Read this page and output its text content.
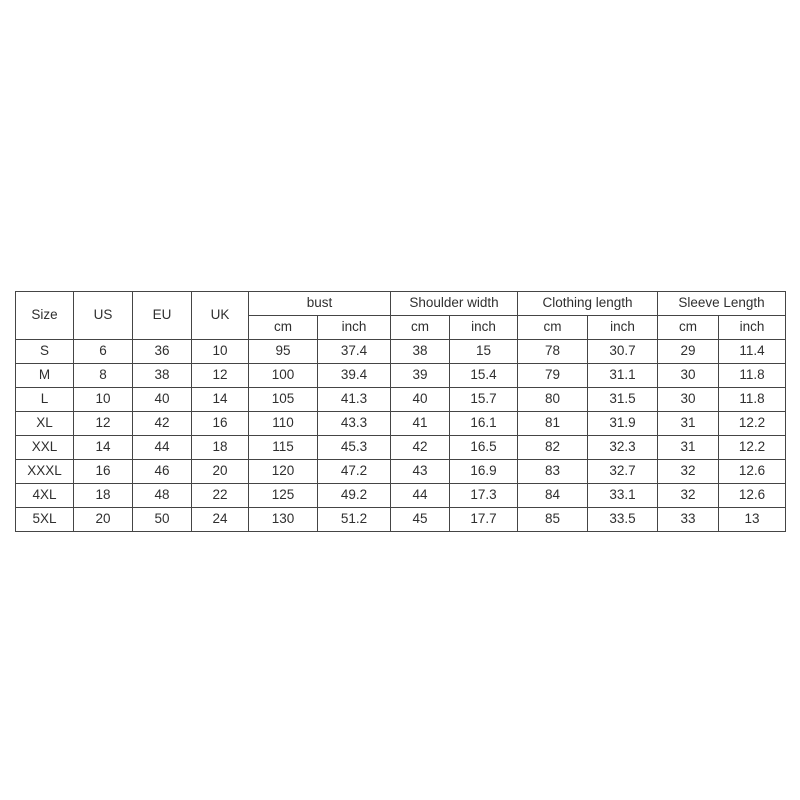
Size	US	EU	UK	bust		Shoulder width		Clothing length		Sleeve Length	
				cm	inch	cm	inch	cm	inch	cm	inch
S	6	36	10	95	37.4	38	15	78	30.7	29	11.4
M	8	38	12	100	39.4	39	15.4	79	31.1	30	11.8
L	10	40	14	105	41.3	40	15.7	80	31.5	30	11.8
XL	12	42	16	110	43.3	41	16.1	81	31.9	31	12.2
XXL	14	44	18	115	45.3	42	16.5	82	32.3	31	12.2
XXXL	16	46	20	120	47.2	43	16.9	83	32.7	32	12.6
4XL	18	48	22	125	49.2	44	17.3	84	33.1	32	12.6
5XL	20	50	24	130	51.2	45	17.7	85	33.5	33	13
